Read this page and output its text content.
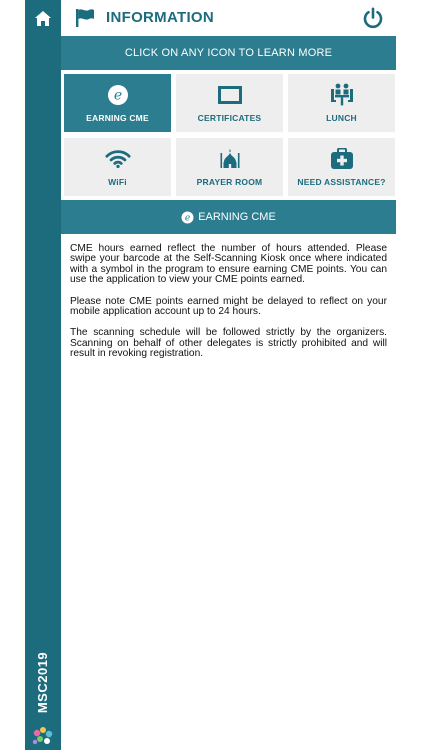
MSC2019
INFORMATION
CLICK ON ANY ICON TO LEARN MORE
e
EARNING CME	CERTIFICATES	LUNCH
WiFi	PRAYER ROOM	NEED ASSISTANCE?
e EARNING CME

CME hours earned reflect the number of hours attended. Please swipe your barcode at the Self-Scanning Kiosk once where indicated with a symbol in the program to ensure earning CME points. You can use the application to view your CME points earned.

Please note CME points earned might be delayed to reflect on your mobile application account up to 24 hours.

The scanning schedule will be followed strictly by the organizers. Scanning on behalf of other delegates is strictly prohibited and will result in revoking registration.
